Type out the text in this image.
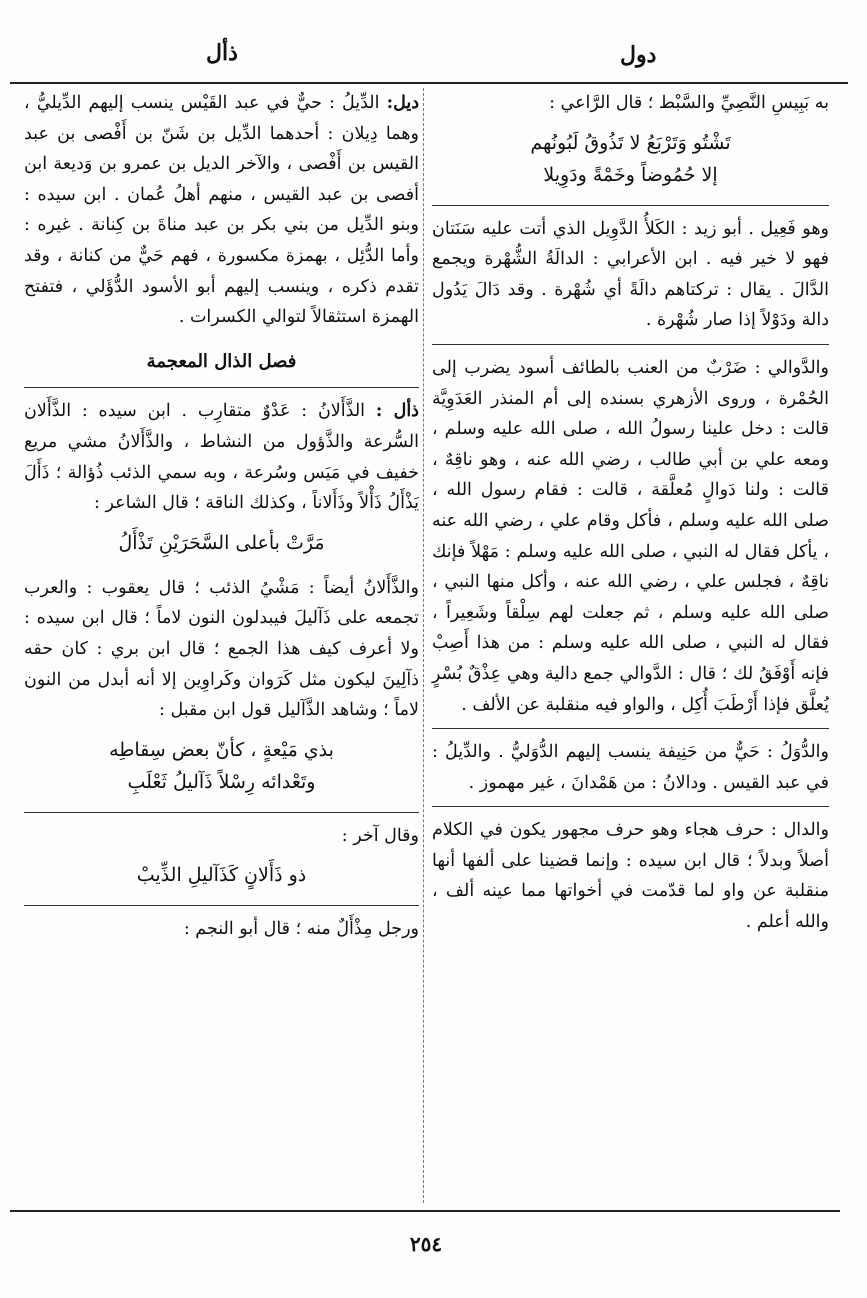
ذأل	دول

به بَبِيسِ النَّصِيِّ والسَّبْط ؛ قال الرَّاعي :

تَشْتُو وَتَرْبَعُ لا تَذُوقُ لَبُونُهم
إلا حُمُوضاً وخَمْةً ودَوِيلا

وهو فَعِيل . أبو زيد : الكَلأُ الدَّوِيل الذي أتت عليه سَنَتان فهو لا خير فيه . ابن الأعرابي : الدالَةُ الشُّهْرة ويجمع الدَّالَ . يقال : تركتاهم دالَةً أي شُهْرة . وقد دَالَ يَدُول دالة ودَوْلاً إذا صار شُهْرة .

والدَّوالي : ضَرْبٌ من العنب بالطائف أسود يضرب إلى الحُمْرة ، وروى الأزهري بسنده إلى أم المنذر العَدَوِيَّة قالت : دخل علينا رسولُ الله ، صلى الله عليه وسلم ، ومعه علي بن أبي طالب ، رضي الله عنه ، وهو ناقِهٌ ، قالت : ولنا دَوالٍ مُعلَّقة ، قالت : فقام رسول الله ، صلى الله عليه وسلم ، فأكل وقام علي ، رضي الله عنه ، يأكل فقال له النبي ، صلى الله عليه وسلم : مَهْلاً فإنك ناقِهٌ ، فجلس علي ، رضي الله عنه ، وأكل منها النبي ، صلى الله عليه وسلم ، ثم جعلت لهم سِلْقاً وشَعِيراً ، فقال له النبي ، صلى الله عليه وسلم : من هذا أَصِبْ فإنه أَوْفَقُ لك ؛ قال : الدَّوالي جمع دالية وهي عِذْقٌ بُسْرٍ يُعلَّق فإذا أَرْطَبَ أُكِل ، والواو فيه منقلبة عن الألف .

والدُّوَلُ : حَيٌّ من حَنِيفة ينسب إليهم الدُّوَليُّ . والدِّيلُ : في عبد القيس . ودالانُ : من هَمْدانَ ، غير مهموز .

والدال : حرف هجاء وهو حرف مجهور يكون في الكلام أصلاً وبدلاً ؛ قال ابن سيده : وإنما قضينا على ألفها أنها منقلبة عن واو لما قدّمت في أخواتها مما عينه ألف ، والله أعلم .

ديل: الدِّيلُ : حيٌّ في عبد القَيْس ينسب إليهم الدِّيليُّ ، وهما دِيلان : أحدهما الدِّيل بن شَنّ بن أَفْصى بن عبد القيس بن أَفْصى ، والآخر الديل بن عمرو بن وَديعة ابن أفصى بن عبد القيس ، منهم أهلُ عُمان . ابن سيده : وبنو الدِّيل من بني بكر بن عبد مناةَ بن كِنانة . غيره : وأما الدُّئِل ، بهمزة مكسورة ، فهم حَيٌّ من كنانة ، وقد تقدم ذكره ، وينسب إليهم أبو الأسود الدُّؤَلي ، فتفتح الهمزة استثقالاً لتوالي الكسرات .

فصل الذال المعجمة

ذأل : الذَّأَلانُ : عَدْوٌ متقارِب . ابن سيده : الذَّأَلان السُّرعة والذَّؤول من النشاط ، والذَّأَلانُ مشي مريع خفيف في مَيَس وسُرعة ، وبه سمي الذئب ذُؤالة ؛ ذَأَلَ يَذْأَلُ ذَأْلاً وذَأَلاناً ، وكذلك الناقة ؛ قال الشاعر :

مَرَّتْ بأعلى السَّحَرَيْنِ تَذْأَلُ

والذَّأَلانُ أيضاً : مَشْيُ الذئب ؛ قال يعقوب : والعرب تجمعه على ذَآليلَ فيبدلون النون لاماً ؛ قال ابن سيده : ولا أعرف كيف هذا الجمع ؛ قال ابن بري : كان حقه ذآلِينَ ليكون مثل كَرَوان وكَراوِين إلا أنه أبدل من النون لاماً ؛ وشاهد الذَّآليل قول ابن مقبل :

بذي مَيْعةٍ ، كأنّ بعض سِقاطِه
وتَعْدائه رِسْلاً ذَآليلُ ثَعْلَبِ

وقال آخر :

ذو ذَأَلانٍ كَذَآليلِ الذِّيبْ

ورجل مِذْأَلٌ منه ؛ قال أبو النجم :

٢٥٤
